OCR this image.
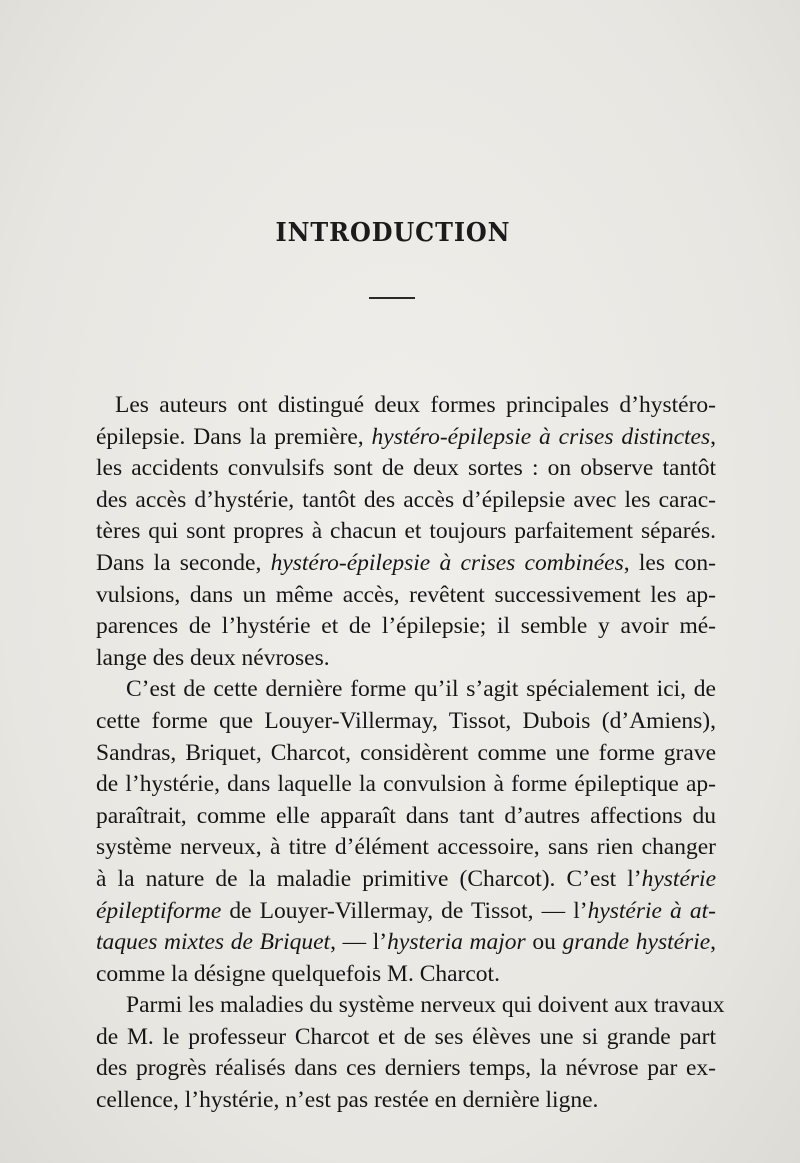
INTRODUCTION

Les auteurs ont distingué deux formes principales d’hystéro-
épilepsie. Dans la première, hystéro-épilepsie à crises distinctes,
les accidents convulsifs sont de deux sortes : on observe tantôt
des accès d’hystérie, tantôt des accès d’épilepsie avec les carac-
tères qui sont propres à chacun et toujours parfaitement séparés.
Dans la seconde, hystéro-épilepsie à crises combinées, les con-
vulsions, dans un même accès, revêtent successivement les ap-
parences de l’hystérie et de l’épilepsie; il semble y avoir mé-
lange des deux névroses.

C’est de cette dernière forme qu’il s’agit spécialement ici, de
cette forme que Louyer-Villermay, Tissot, Dubois (d’Amiens),
Sandras, Briquet, Charcot, considèrent comme une forme grave
de l’hystérie, dans laquelle la convulsion à forme épileptique ap-
paraîtrait, comme elle apparaît dans tant d’autres affections du
système nerveux, à titre d’élément accessoire, sans rien changer
à la nature de la maladie primitive (Charcot). C’est l’hystérie
épileptiforme de Louyer-Villermay, de Tissot, — l’hystérie à at-
taques mixtes de Briquet, — l’hysteria major ou grande hystérie,
comme la désigne quelquefois M. Charcot.

Parmi les maladies du système nerveux qui doivent aux travaux
de M. le professeur Charcot et de ses élèves une si grande part
des progrès réalisés dans ces derniers temps, la névrose par ex-
cellence, l’hystérie, n’est pas restée en dernière ligne.
